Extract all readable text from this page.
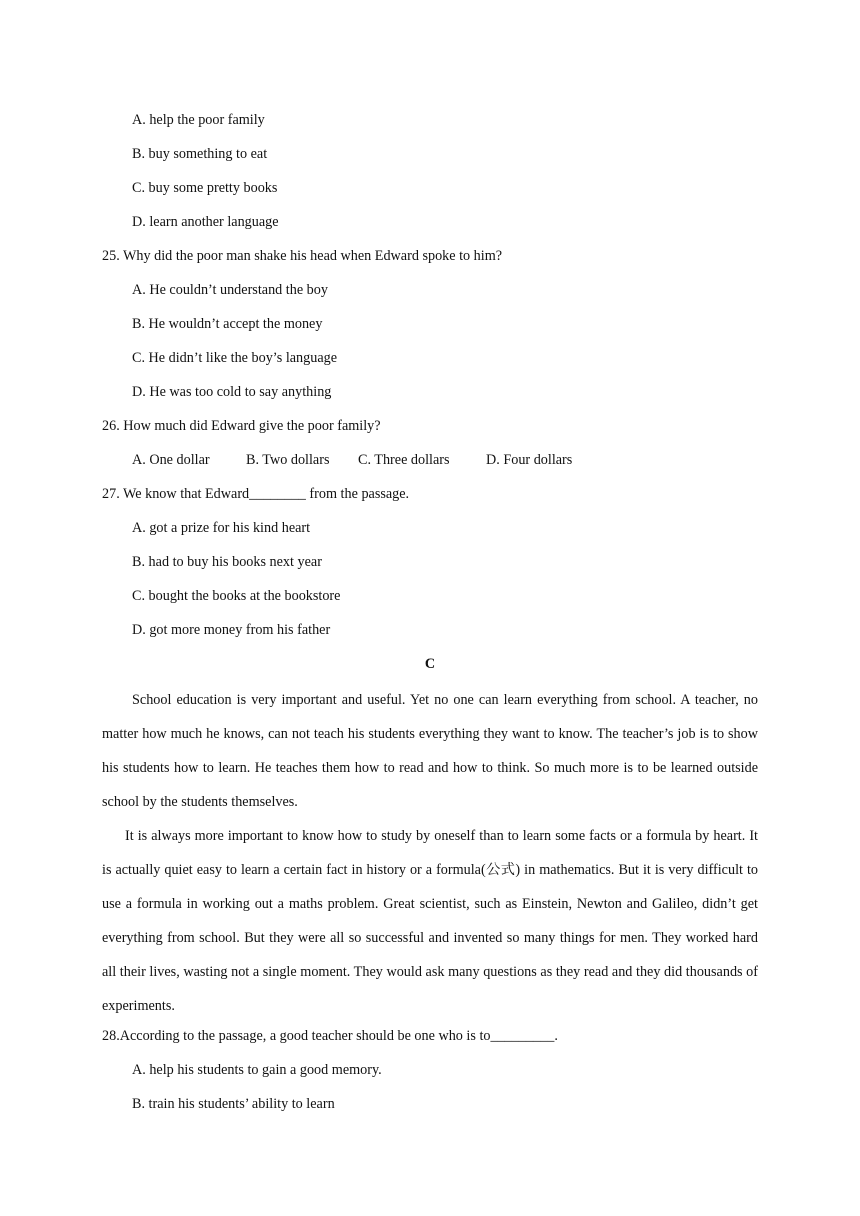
A. help the poor family
B. buy something to eat
C. buy some pretty books
D. learn another language
25. Why did the poor man shake his head when Edward spoke to him?
A. He couldn’t understand the boy
B. He wouldn’t accept the money
C. He didn’t like the boy’s language
D. He was too cold to say anything
26. How much did Edward give the poor family?
A. One dollar	B. Two dollars C. Three dollars	D. Four dollars
27. We know that Edward________ from the passage.
A. got a prize for his kind heart
B. had to buy his books next year
C. bought the books at the bookstore
D. got more money from his father
C
School education is very important and useful. Yet no one can learn everything from school. A teacher, no matter how much he knows, can not teach his students everything they want to know. The teacher’s job is to show his students how to learn. He teaches them how to read and how to think. So much more is to be learned outside school by the students themselves.
It is always more important to know how to study by oneself than to learn some facts or a formula by heart. It is actually quiet easy to learn a certain fact in history or a formula(公式) in mathematics. But it is very difficult to use a formula in working out a maths problem. Great scientist, such as Einstein, Newton and Galileo, didn’t get everything from school. But they were all so successful and invented so many things for men. They worked hard all their lives, wasting not a single moment. They would ask many questions as they read and they did thousands of experiments.
28.According to the passage, a good teacher should be one who is to_________.
A. help his students to gain a good memory.
B. train his students’ ability to learn
